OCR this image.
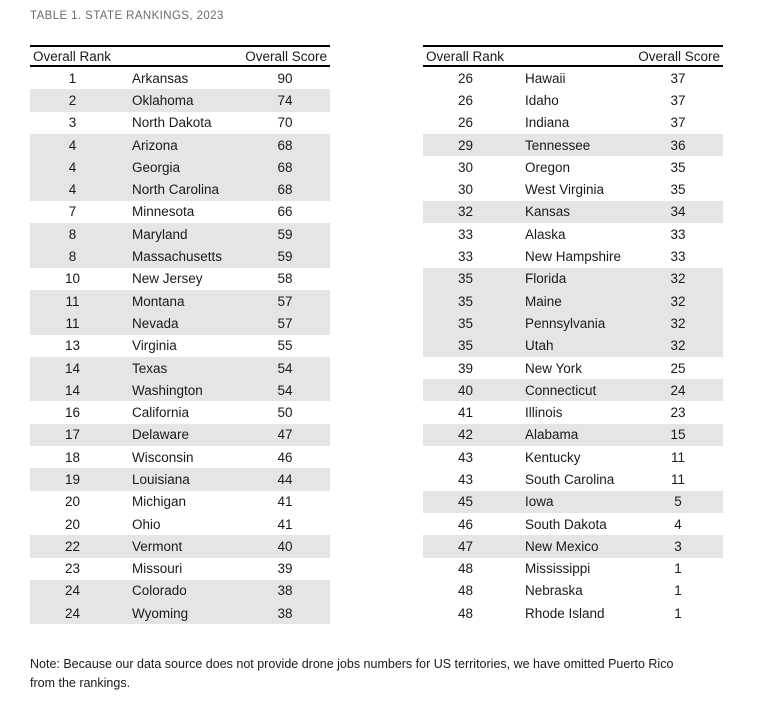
TABLE 1. STATE RANKINGS, 2023
Overall Rank	Overall Score
1	Arkansas	90
2	Oklahoma	74
3	North Dakota	70
4	Arizona	68
4	Georgia	68
4	North Carolina	68
7	Minnesota	66
8	Maryland	59
8	Massachusetts	59
10	New Jersey	58
11	Montana	57
11	Nevada	57
13	Virginia	55
14	Texas	54
14	Washington	54
16	California	50
17	Delaware	47
18	Wisconsin	46
19	Louisiana	44
20	Michigan	41
20	Ohio	41
22	Vermont	40
23	Missouri	39
24	Colorado	38
24	Wyoming	38
Overall Rank	Overall Score
26	Hawaii	37
26	Idaho	37
26	Indiana	37
29	Tennessee	36
30	Oregon	35
30	West Virginia	35
32	Kansas	34
33	Alaska	33
33	New Hampshire	33
35	Florida	32
35	Maine	32
35	Pennsylvania	32
35	Utah	32
39	New York	25
40	Connecticut	24
41	Illinois	23
42	Alabama	15
43	Kentucky	11
43	South Carolina	11
45	Iowa	5
46	South Dakota	4
47	New Mexico	3
48	Mississippi	1
48	Nebraska	1
48	Rhode Island	1
Note: Because our data source does not provide drone jobs numbers for US territories, we have omitted Puerto Rico
from the rankings.
